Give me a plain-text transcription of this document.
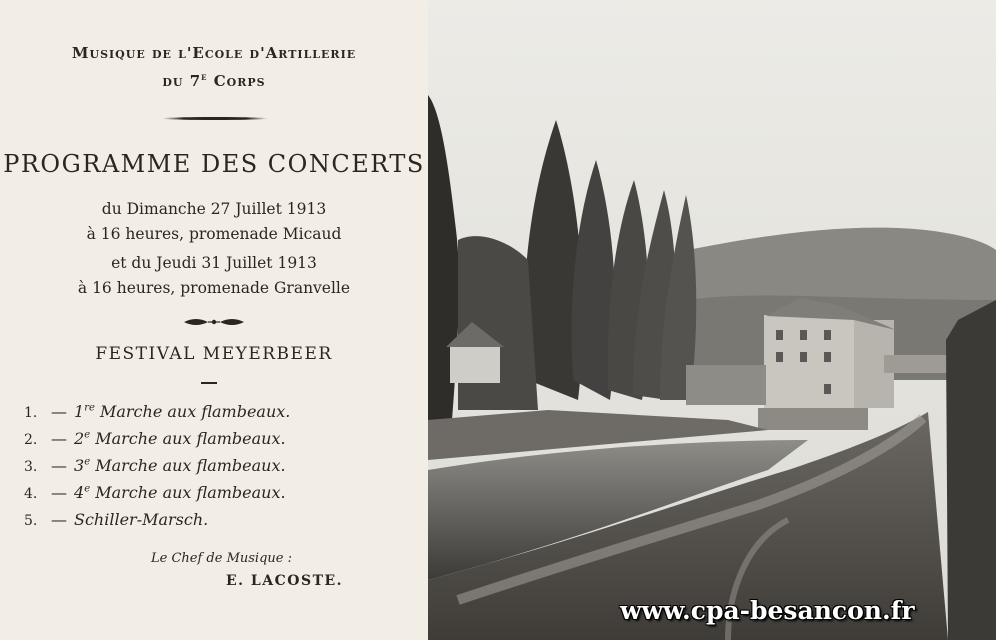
Musique de l'Ecole d'Artillerie
du 7e Corps
PROGRAMME DES CONCERTS
du Dimanche 27 Juillet 1913
à 16 heures, promenade Micaud
et du Jeudi 31 Juillet 1913
à 16 heures, promenade Granvelle
FESTIVAL MEYERBEER
1. — 1re Marche aux flambeaux.
2. — 2e Marche aux flambeaux.
3. — 3e Marche aux flambeaux.
4. — 4e Marche aux flambeaux.
5. — Schiller-Marsch.
Le Chef de Musique :
E. LACOSTE.
www.cpa-besancon.fr
